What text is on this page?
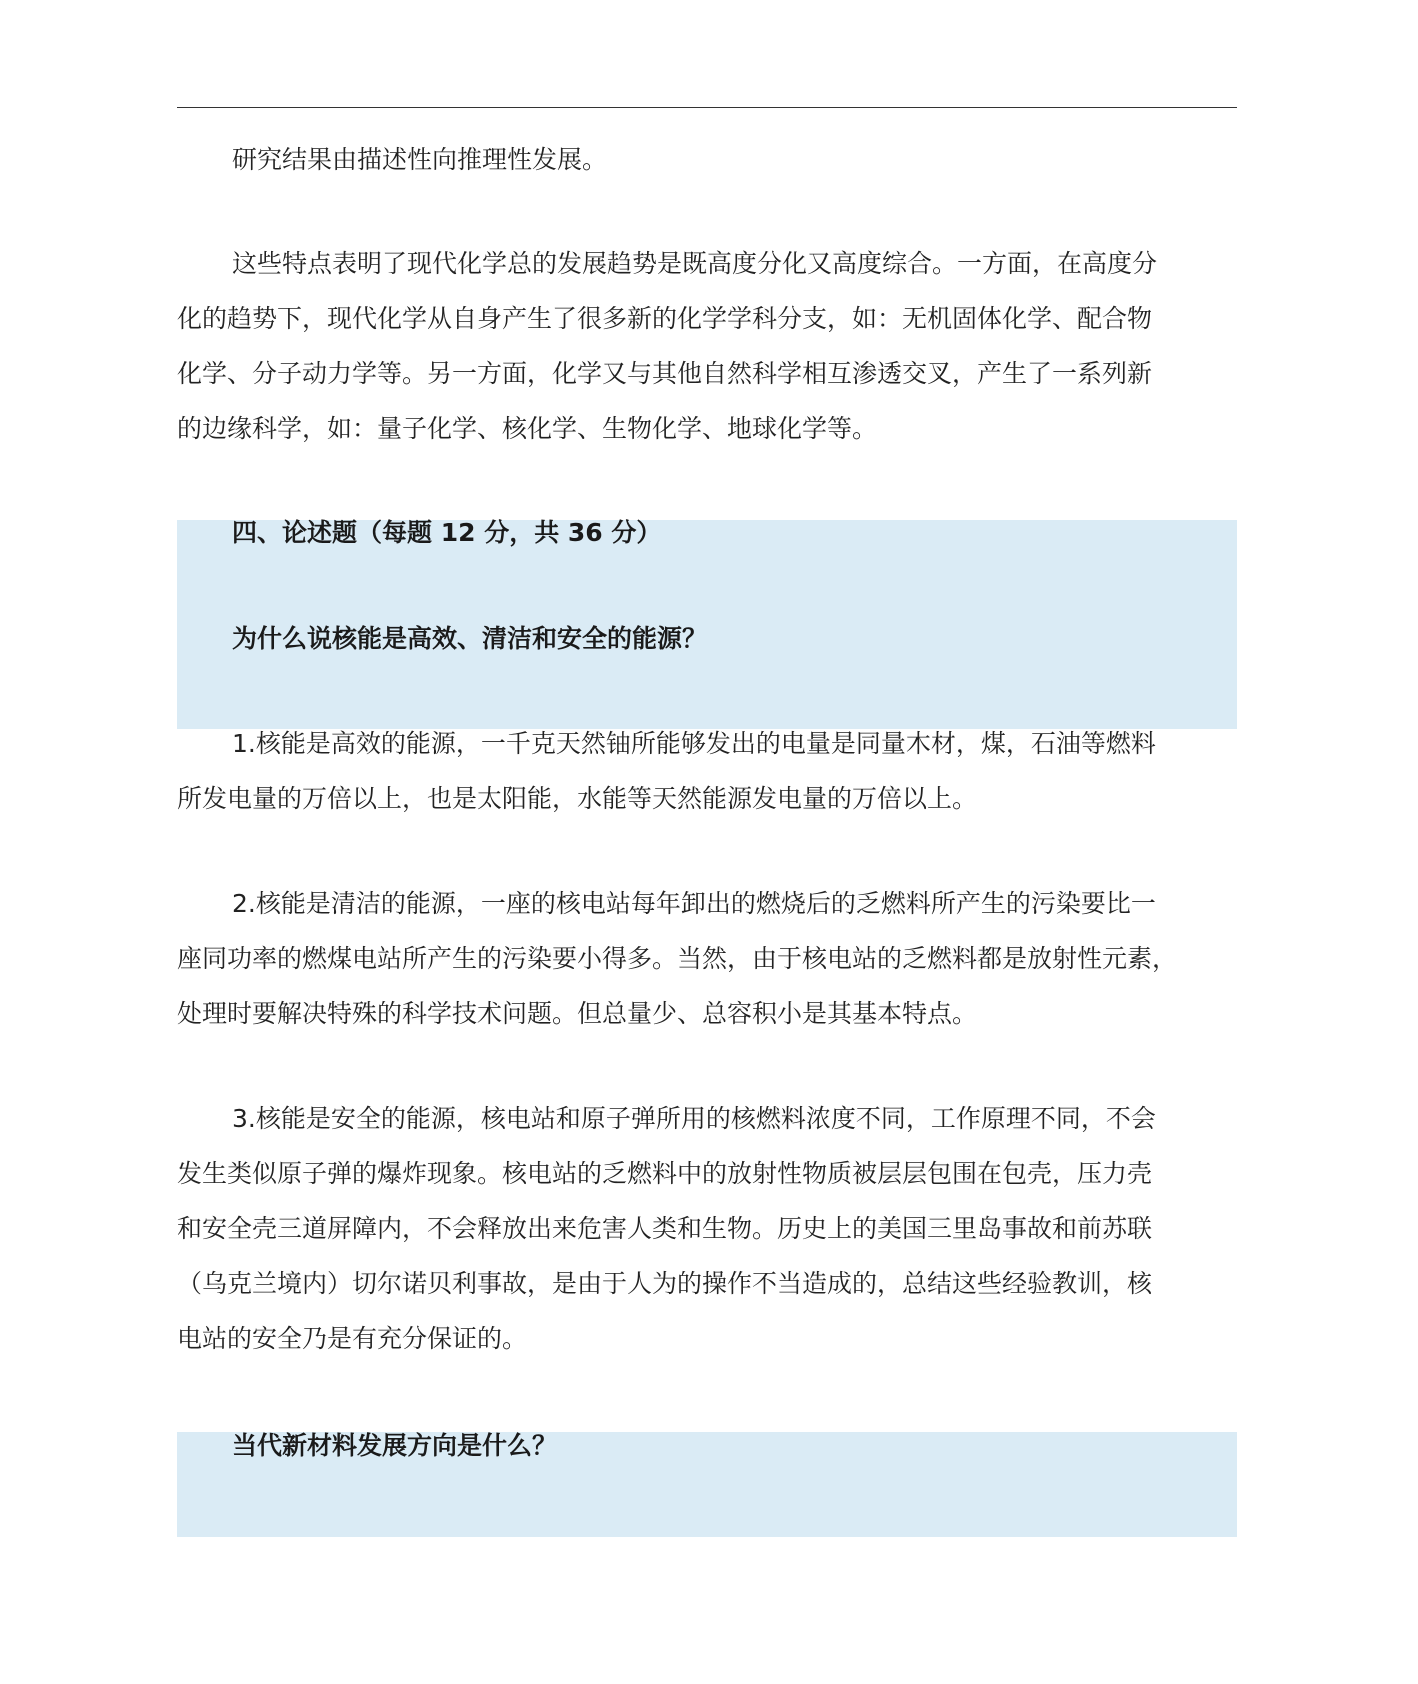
研究结果由描述性向推理性发展。

这些特点表明了现代化学总的发展趋势是既高度分化又高度综合。一方面，在高度分
化的趋势下，现代化学从自身产生了很多新的化学学科分支，如：无机固体化学、配合物
化学、分子动力学等。另一方面，化学又与其他自然科学相互渗透交叉，产生了一系列新
的边缘科学，如：量子化学、核化学、生物化学、地球化学等。

四、论述题（每题 12 分，共 36 分）

为什么说核能是高效、清洁和安全的能源？

1.核能是高效的能源，一千克天然铀所能够发出的电量是同量木材，煤，石油等燃料
所发电量的万倍以上，也是太阳能，水能等天然能源发电量的万倍以上。

2.核能是清洁的能源，一座的核电站每年卸出的燃烧后的乏燃料所产生的污染要比一
座同功率的燃煤电站所产生的污染要小得多。当然，由于核电站的乏燃料都是放射性元素，
处理时要解决特殊的科学技术问题。但总量少、总容积小是其基本特点。

3.核能是安全的能源，核电站和原子弹所用的核燃料浓度不同，工作原理不同，不会
发生类似原子弹的爆炸现象。核电站的乏燃料中的放射性物质被层层包围在包壳，压力壳
和安全壳三道屏障内，不会释放出来危害人类和生物。历史上的美国三里岛事故和前苏联
（乌克兰境内）切尔诺贝利事故，是由于人为的操作不当造成的，总结这些经验教训，核
电站的安全乃是有充分保证的。

当代新材料发展方向是什么？
